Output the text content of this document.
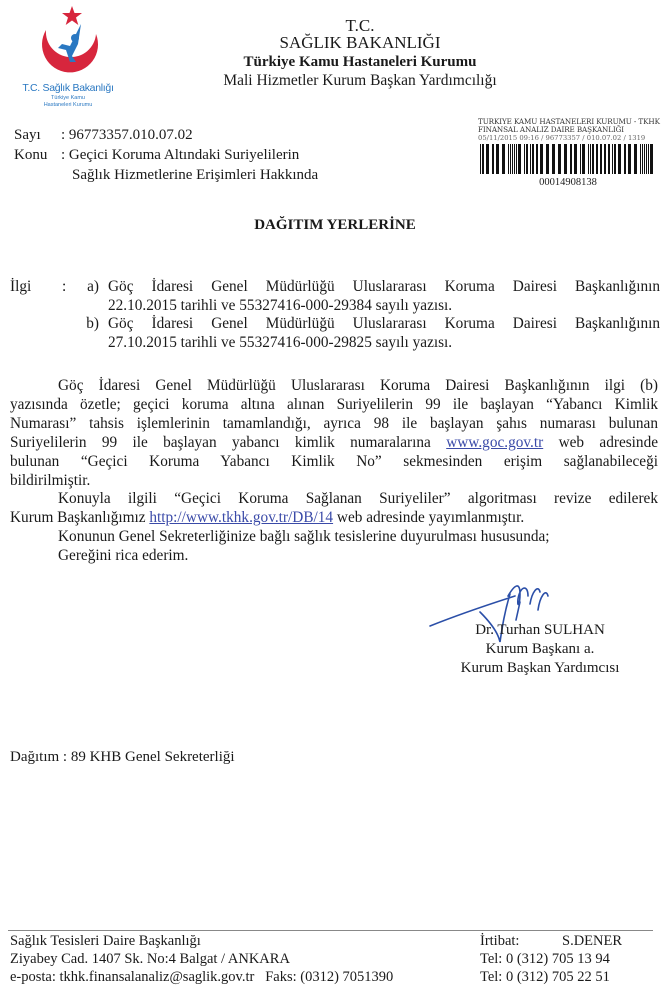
T.C. Sağlık Bakanlığı
Türkiye Kamu
Hastaneleri Kurumu
T.C.
SAĞLIK BAKANLIĞI
Türkiye Kamu Hastaneleri Kurumu
Mali Hizmetler Kurum Başkan Yardımcılığı
Sayı : 96773357.010.07.02
Konu : Geçici Koruma Altındaki Suriyelilerin
Sağlık Hizmetlerine Erişimleri Hakkında
TURKIYE KAMU HASTANELERI KURUMU - TKHK
FINANSAL ANALIZ DAIRE BAŞKANLIĞI
05/11/2015 09:16 / 96773357 / 010.07.02 / 1319
00014908138
DAĞITIM YERLERİNE
İlgi :	a) Göç İdaresi Genel Müdürlüğü Uluslararası Koruma Dairesi Başkanlığının
22.10.2015 tarihli ve 55327416-000-29384 sayılı yazısı.
b) Göç İdaresi Genel Müdürlüğü Uluslararası Koruma Dairesi Başkanlığının
27.10.2015 tarihli ve 55327416-000-29825 sayılı yazısı.
Göç İdaresi Genel Müdürlüğü Uluslararası Koruma Dairesi Başkanlığının ilgi (b)
yazısında özetle; geçici koruma altına alınan Suriyelilerin 99 ile başlayan “Yabancı Kimlik
Numarası” tahsis işlemlerinin tamamlandığı, ayrıca 98 ile başlayan şahıs numarası bulunan
Suriyelilerin 99 ile başlayan yabancı kimlik numaralarına www.goc.gov.tr web adresinde
bulunan “Geçici Koruma Yabancı Kimlik No” sekmesinden erişim sağlanabileceği
bildirilmiştir.
Konuyla ilgili “Geçici Koruma Sağlanan Suriyeliler” algoritması revize edilerek
Kurum Başkanlığımız http://www.tkhk.gov.tr/DB/14 web adresinde yayımlanmıştır.
Konunun Genel Sekreterliğinize bağlı sağlık tesislerine duyurulması hususunda;
Gereğini rica ederim.
Dr. Turhan SULHAN
Kurum Başkanı a.
Kurum Başkan Yardımcısı
Dağıtım : 89 KHB Genel Sekreterliği
Sağlık Tesisleri Daire Başkanlığı
Ziyabey Cad. 1407 Sk. No:4 Balgat / ANKARA
e-posta: tkhk.finansalanaliz@saglik.gov.tr   Faks: (0312) 7051390
İrtibat:	S.DENER
Tel: 0 (312) 705 13 94
Tel: 0 (312) 705 22 51
